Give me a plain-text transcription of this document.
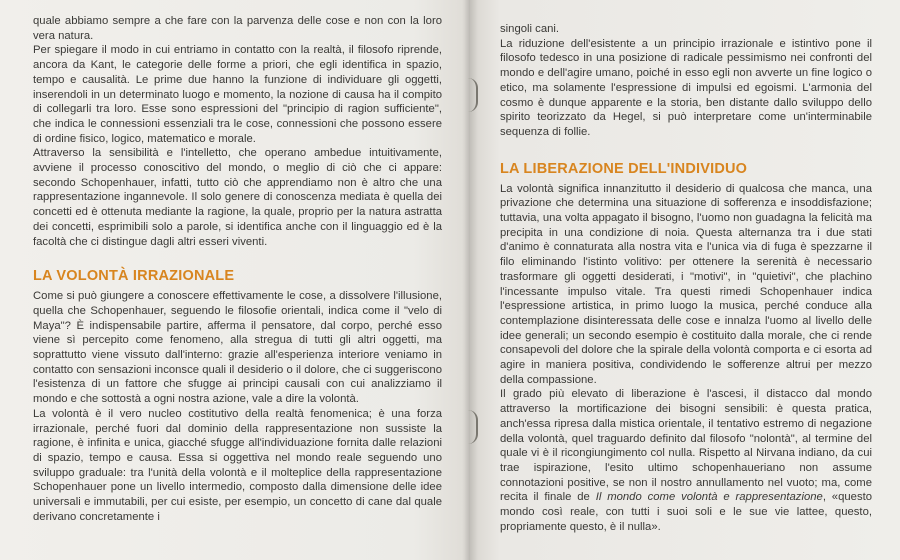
quale abbiamo sempre a che fare con la parvenza delle cose e non con la loro vera natura.

Per spiegare il modo in cui entriamo in contatto con la realtà, il filosofo riprende, ancora da Kant, le categorie delle forme a priori, che egli identifica in spazio, tempo e causalità. Le prime due hanno la funzione di individuare gli oggetti, inserendoli in un determinato luogo e momento, la nozione di causa ha il compito di collegarli tra loro. Esse sono espressioni del "principio di ragion sufficiente", che indica le connessioni essenziali tra le cose, connessioni che possono essere di ordine fisico, logico, matematico e morale.

Attraverso la sensibilità e l'intelletto, che operano ambedue intuitivamente, avviene il processo conoscitivo del mondo, o meglio di ciò che ci appare: secondo Schopenhauer, infatti, tutto ciò che apprendiamo non è altro che una rappresentazione ingannevole. Il solo genere di conoscenza mediata è quella dei concetti ed è ottenuta mediante la ragione, la quale, proprio per la natura astratta dei concetti, esprimibili solo a parole, si identifica anche con il linguaggio ed è la facoltà che ci distingue dagli altri esseri viventi.

LA VOLONTÀ IRRAZIONALE

Come si può giungere a conoscere effettivamente le cose, a dissolvere l'illusione, quella che Schopenhauer, seguendo le filosofie orientali, indica come il "velo di Maya"? È indispensabile partire, afferma il pensatore, dal corpo, perché esso viene sì percepito come fenomeno, alla stregua di tutti gli altri oggetti, ma soprattutto viene vissuto dall'interno: grazie all'esperienza interiore veniamo in contatto con sensazioni inconsce quali il desiderio o il dolore, che ci suggeriscono l'esistenza di un fattore che sfugge ai principi causali con cui analizziamo il mondo e che sottostà a ogni nostra azione, vale a dire la volontà.

La volontà è il vero nucleo costitutivo della realtà fenomenica; è una forza irrazionale, perché fuori dal dominio della rappresentazione non sussiste la ragione, è infinita e unica, giacché sfugge all'individuazione fornita dalle relazioni di spazio, tempo e causa. Essa si oggettiva nel mondo reale seguendo uno sviluppo graduale: tra l'unità della volontà e il molteplice della rappresentazione Schopenhauer pone un livello intermedio, composto dalla dimensione delle idee universali e immutabili, per cui esiste, per esempio, un concetto di cane dal quale derivano concretamente i

singoli cani.

La riduzione dell'esistente a un principio irrazionale e istintivo pone il filosofo tedesco in una posizione di radicale pessimismo nei confronti del mondo e dell'agire umano, poiché in esso egli non avverte un fine logico o etico, ma solamente l'espressione di impulsi ed egoismi. L'armonia del cosmo è dunque apparente e la storia, ben distante dallo sviluppo dello spirito teorizzato da Hegel, si può interpretare come un'interminabile sequenza di follie.

LA LIBERAZIONE DELL'INDIVIDUO

La volontà significa innanzitutto il desiderio di qualcosa che manca, una privazione che determina una situazione di sofferenza e insoddisfazione; tuttavia, una volta appagato il bisogno, l'uomo non guadagna la felicità ma precipita in una condizione di noia. Questa alternanza tra i due stati d'animo è connaturata alla nostra vita e l'unica via di fuga è spezzarne il filo eliminando l'istinto volitivo: per ottenere la serenità è necessario trasformare gli oggetti desiderati, i "motivi", in "quietivi", che plachino l'incessante impulso vitale. Tra questi rimedi Schopenhauer indica l'espressione artistica, in primo luogo la musica, perché conduce alla contemplazione disinteressata delle cose e innalza l'uomo al livello delle idee generali; un secondo esempio è costituito dalla morale, che ci rende consapevoli del dolore che la spirale della volontà comporta e ci esorta ad agire in maniera positiva, condividendo le sofferenze altrui per mezzo della compassione.

Il grado più elevato di liberazione è l'ascesi, il distacco dal mondo attraverso la mortificazione dei bisogni sensibili: è questa pratica, anch'essa ripresa dalla mistica orientale, il tentativo estremo di negazione della volontà, quel traguardo definito dal filosofo "nolontà", al termine del quale vi è il ricongiungimento col nulla. Rispetto al Nirvana indiano, da cui trae ispirazione, l'esito ultimo schopenhaueriano non assume connotazioni positive, se non il nostro annullamento nel vuoto; ma, come recita il finale de Il mondo come volontà e rappresentazione, «questo mondo così reale, con tutti i suoi soli e le sue vie lattee, questo, propriamente questo, è il nulla».
